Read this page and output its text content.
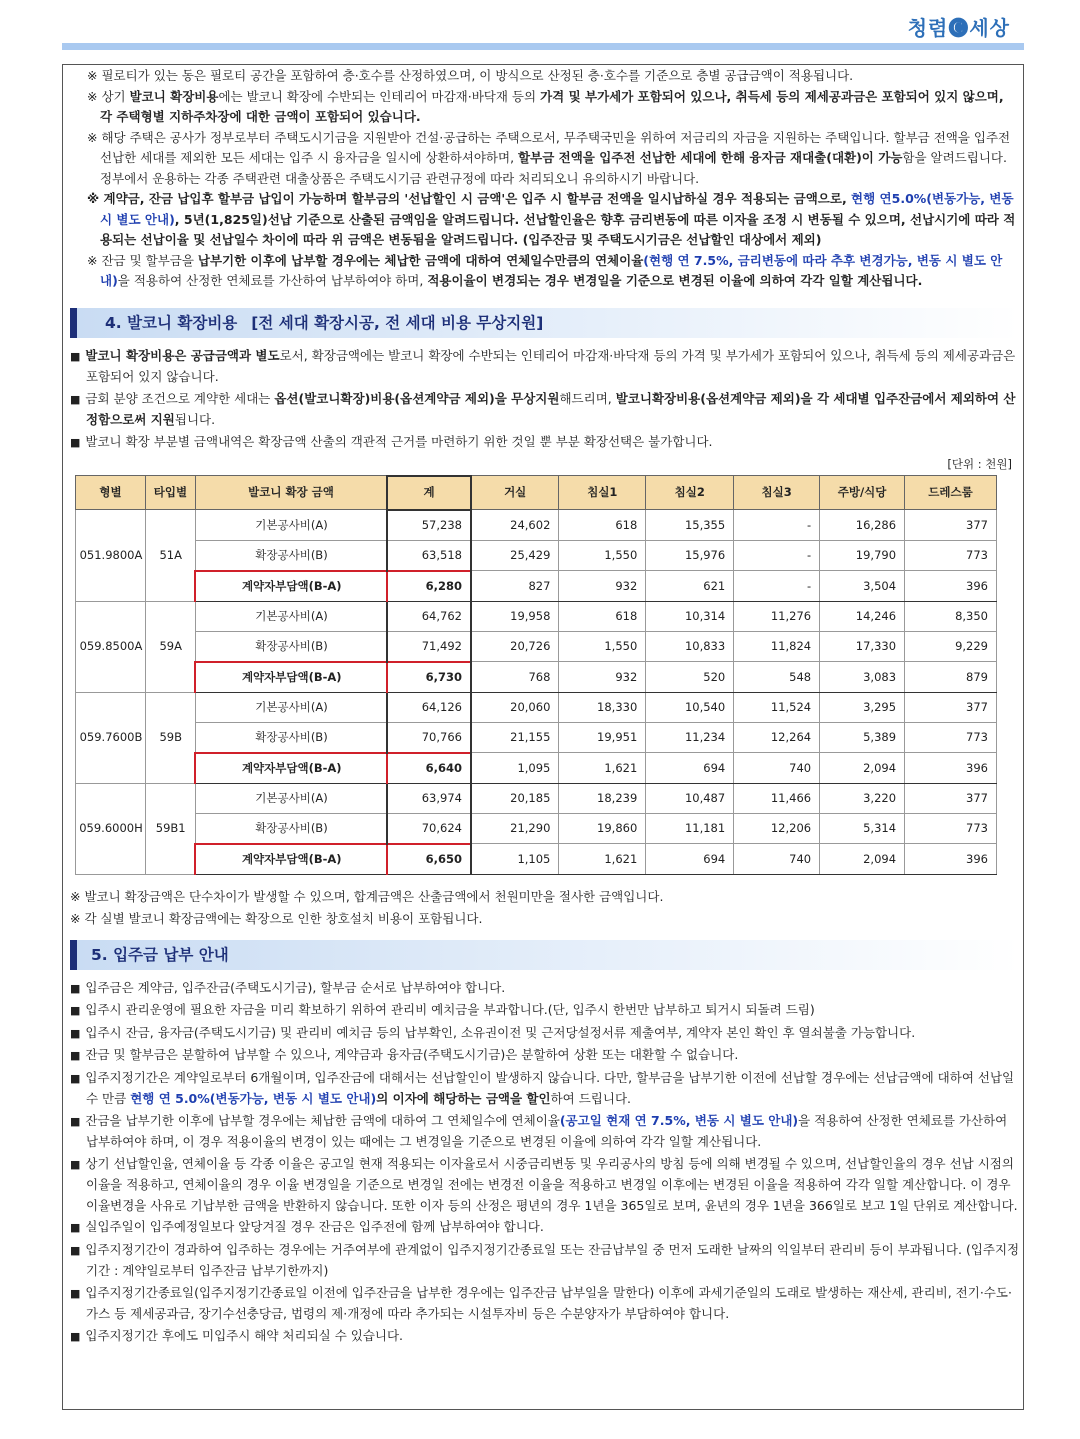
청렴🅒세상
※ 필로티가 있는 동은 필로티 공간을 포함하여 층·호수를 산정하였으며, 이 방식으로 산정된 층·호수를 기준으로 층별 공급금액이 적용됩니다.
※ 상기 발코니 확장비용에는 발코니 확장에 수반되는 인테리어 마감재·바닥재 등의 가격 및 부가세가 포함되어 있으나, 취득세 등의 제세공과금은 포함되어 있지 않으며, 각 주택형별 지하주차장에 대한 금액이 포함되어 있습니다.
※ 해당 주택은 공사가 정부로부터 주택도시기금을 지원받아 건설·공급하는 주택으로서, 무주택국민을 위하여 저금리의 자금을 지원하는 주택입니다. 할부금 전액을 입주전 선납한 세대를 제외한 모든 세대는 입주 시 융자금을 일시에 상환하셔야하며, 할부금 전액을 입주전 선납한 세대에 한해 융자금 재대출(대환)이 가능함을 알려드립니다. 정부에서 운용하는 각종 주택관련 대출상품은 주택도시기금 관련규정에 따라 처리되오니 유의하시기 바랍니다.
※ 계약금, 잔금 납입후 할부금 납입이 가능하며 할부금의 '선납할인 시 금액'은 입주 시 할부금 전액을 일시납하실 경우 적용되는 금액으로, 현행 연5.0%(변동가능, 변동 시 별도 안내), 5년(1,825일)선납 기준으로 산출된 금액임을 알려드립니다. 선납할인율은 향후 금리변동에 따른 이자율 조정 시 변동될 수 있으며, 선납시기에 따라 적용되는 선납이율 및 선납일수 차이에 따라 위 금액은 변동됨을 알려드립니다. (입주잔금 및 주택도시기금은 선납할인 대상에서 제외)
※ 잔금 및 할부금을 납부기한 이후에 납부할 경우에는 체납한 금액에 대하여 연체일수만큼의 연체이율(현행 연 7.5%, 금리변동에 따라 추후 변경가능, 변동 시 별도 안내)을 적용하여 산정한 연체료를 가산하여 납부하여야 하며, 적용이율이 변경되는 경우 변경일을 기준으로 변경된 이율에 의하여 각각 일할 계산됩니다.
4. 발코니 확장비용 [전 세대 확장시공, 전 세대 비용 무상지원]
■ 발코니 확장비용은 공급금액과 별도로서, 확장금액에는 발코니 확장에 수반되는 인테리어 마감재·바닥재 등의 가격 및 부가세가 포함되어 있으나, 취득세 등의 제세공과금은 포함되어 있지 않습니다.
■ 금회 분양 조건으로 계약한 세대는 옵션(발코니확장)비용(옵션계약금 제외)을 무상지원해드리며, 발코니확장비용(옵션계약금 제외)을 각 세대별 입주잔금에서 제외하여 산정함으로써 지원됩니다.
■ 발코니 확장 부분별 금액내역은 확장금액 산출의 객관적 근거를 마련하기 위한 것일 뿐 부분 확장선택은 불가합니다.
[단위 : 천원]
형별	타입별	발코니 확장 금액	계	거실	침실1	침실2	침실3	주방/식당	드레스룸
051.9800A	51A	기본공사비(A)	57,238	24,602	618	15,355	-	16,286	377
		확장공사비(B)	63,518	25,429	1,550	15,976	-	19,790	773
		계약자부담액(B-A)	6,280	827	932	621	-	3,504	396
059.8500A	59A	기본공사비(A)	64,762	19,958	618	10,314	11,276	14,246	8,350
		확장공사비(B)	71,492	20,726	1,550	10,833	11,824	17,330	9,229
		계약자부담액(B-A)	6,730	768	932	520	548	3,083	879
059.7600B	59B	기본공사비(A)	64,126	20,060	18,330	10,540	11,524	3,295	377
		확장공사비(B)	70,766	21,155	19,951	11,234	12,264	5,389	773
		계약자부담액(B-A)	6,640	1,095	1,621	694	740	2,094	396
059.6000H	59B1	기본공사비(A)	63,974	20,185	18,239	10,487	11,466	3,220	377
		확장공사비(B)	70,624	21,290	19,860	11,181	12,206	5,314	773
		계약자부담액(B-A)	6,650	1,105	1,621	694	740	2,094	396
※ 발코니 확장금액은 단수차이가 발생할 수 있으며, 합계금액은 산출금액에서 천원미만을 절사한 금액입니다.
※ 각 실별 발코니 확장금액에는 확장으로 인한 창호설치 비용이 포함됩니다.
5. 입주금 납부 안내
■ 입주금은 계약금, 입주잔금(주택도시기금), 할부금 순서로 납부하여야 합니다.
■ 입주시 관리운영에 필요한 자금을 미리 확보하기 위하여 관리비 예치금을 부과합니다.(단, 입주시 한번만 납부하고 퇴거시 되돌려 드림)
■ 입주시 잔금, 융자금(주택도시기금) 및 관리비 예치금 등의 납부확인, 소유권이전 및 근저당설정서류 제출여부, 계약자 본인 확인 후 열쇠불출 가능합니다.
■ 잔금 및 할부금은 분할하여 납부할 수 있으나, 계약금과 융자금(주택도시기금)은 분할하여 상환 또는 대환할 수 없습니다.
■ 입주지정기간은 계약일로부터 6개월이며, 입주잔금에 대해서는 선납할인이 발생하지 않습니다. 다만, 할부금을 납부기한 이전에 선납할 경우에는 선납금액에 대하여 선납일수 만큼 현행 연 5.0%(변동가능, 변동 시 별도 안내)의 이자에 해당하는 금액을 할인하여 드립니다.
■ 잔금을 납부기한 이후에 납부할 경우에는 체납한 금액에 대하여 그 연체일수에 연체이율(공고일 현재 연 7.5%, 변동 시 별도 안내)을 적용하여 산정한 연체료를 가산하여 납부하여야 하며, 이 경우 적용이율의 변경이 있는 때에는 그 변경일을 기준으로 변경된 이율에 의하여 각각 일할 계산됩니다.
■ 상기 선납할인율, 연체이율 등 각종 이율은 공고일 현재 적용되는 이자율로서 시중금리변동 및 우리공사의 방침 등에 의해 변경될 수 있으며, 선납할인율의 경우 선납 시점의 이율을 적용하고, 연체이율의 경우 이율 변경일을 기준으로 변경일 전에는 변경전 이율을 적용하고 변경일 이후에는 변경된 이율을 적용하여 각각 일할 계산합니다. 이 경우 이율변경을 사유로 기납부한 금액을 반환하지 않습니다. 또한 이자 등의 산정은 평년의 경우 1년을 365일로 보며, 윤년의 경우 1년을 366일로 보고 1일 단위로 계산합니다.
■ 실입주일이 입주예정일보다 앞당겨질 경우 잔금은 입주전에 함께 납부하여야 합니다.
■ 입주지정기간이 경과하여 입주하는 경우에는 거주여부에 관계없이 입주지정기간종료일 또는 잔금납부일 중 먼저 도래한 날짜의 익일부터 관리비 등이 부과됩니다. (입주지정기간 : 계약일로부터 입주잔금 납부기한까지)
■ 입주지정기간종료일(입주지정기간종료일 이전에 입주잔금을 납부한 경우에는 입주잔금 납부일을 말한다) 이후에 과세기준일의 도래로 발생하는 재산세, 관리비, 전기·수도·가스 등 제세공과금, 장기수선충당금, 법령의 제·개정에 따라 추가되는 시설투자비 등은 수분양자가 부담하여야 합니다.
■ 입주지정기간 후에도 미입주시 해약 처리되실 수 있습니다.
